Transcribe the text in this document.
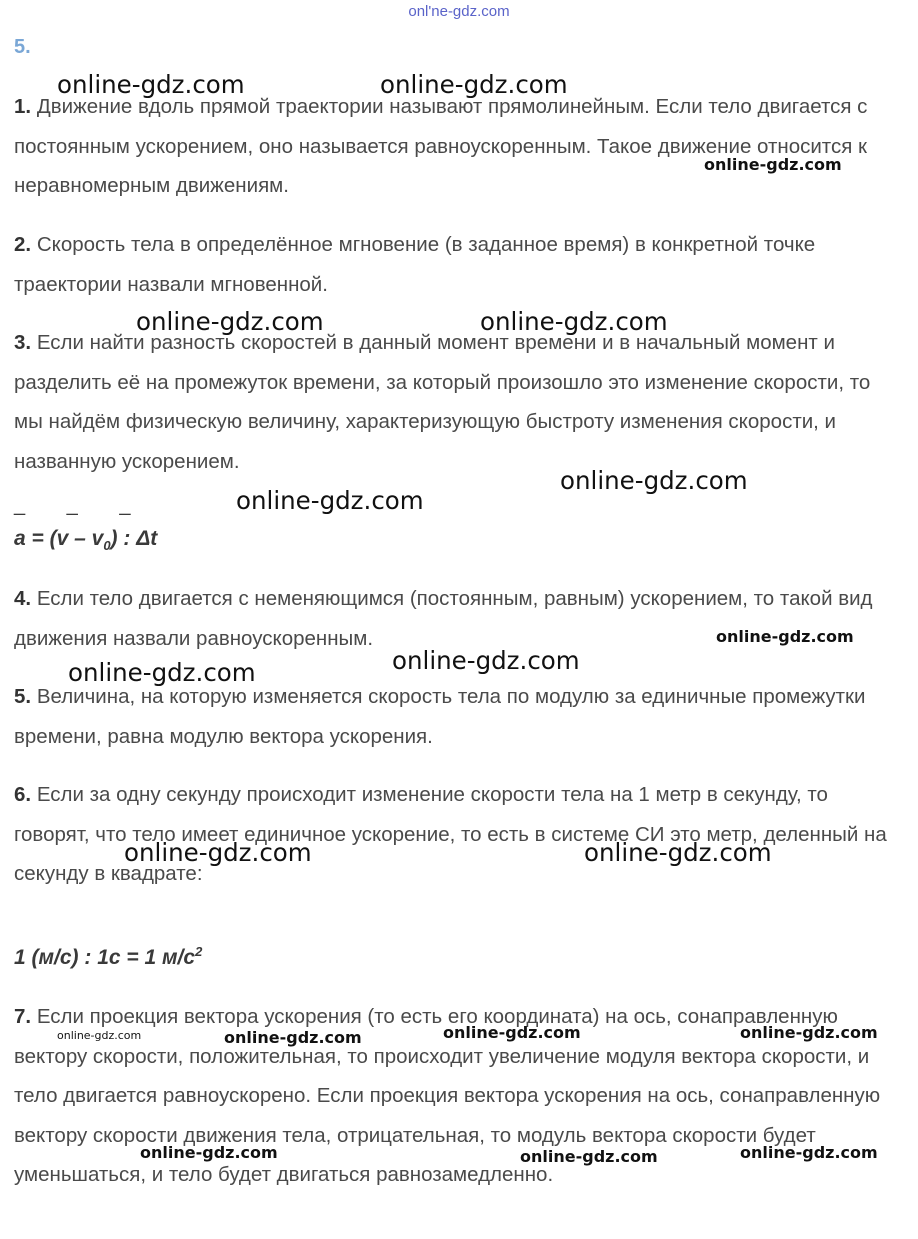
onl'ne-gdz.com
5.

1. Движение вдоль прямой траектории называют прямолинейным. Если тело двигается с постоянным ускорением, оно называется равноускоренным. Такое движение относится к неравномерным движениям.

2. Скорость тела в определённое мгновение (в заданное время) в конкретной точке траектории назвали мгновенной.

3. Если найти разность скоростей в данный момент времени и в начальный момент и разделить её на промежуток времени, за который произошло это изменение скорости, то мы найдём физическую величину, характеризующую быстроту изменения скорости, и названную ускорением.

_ _ _
$a = (v - v_0)$ : Δt

4. Если тело двигается с неменяющимся (постоянным, равным) ускорением, то такой вид движения назвали равноускоренным.

5. Величина, на которую изменяется скорость тела по модулю за единичные промежутки времени, равна модулю вектора ускорения.

6. Если за одну секунду происходит изменение скорости тела на 1 метр в секунду, то говорят, что тело имеет единичное ускорение, то есть в системе СИ это метр, деленный на секунду в квадрате:

1 (м/с) : 1с = 1 $м/с^2$

7. Если проекция вектора ускорения (то есть его координата) на ось, сонаправленную вектору скорости, положительная, то происходит увеличение модуля вектора скорости, и тело двигается равноускорено. Если проекция вектора ускорения на ось, сонаправленную вектору скорости движения тела, отрицательная, то модуль вектора скорости будет уменьшаться, и тело будет двигаться равнозамедленно.

online-gdz.com	online-gdz.com
online-gdz.com
online-gdz.com	online-gdz.com
online-gdz.com
online-gdz.com
online-gdz.com
online-gdz.com	online-gdz.com
online-gdz.com	online-gdz.com
online-gdz.com	online-gdz.com	online-gdz.com	online-gdz.com
online-gdz.com	online-gdz.com	online-gdz.com
